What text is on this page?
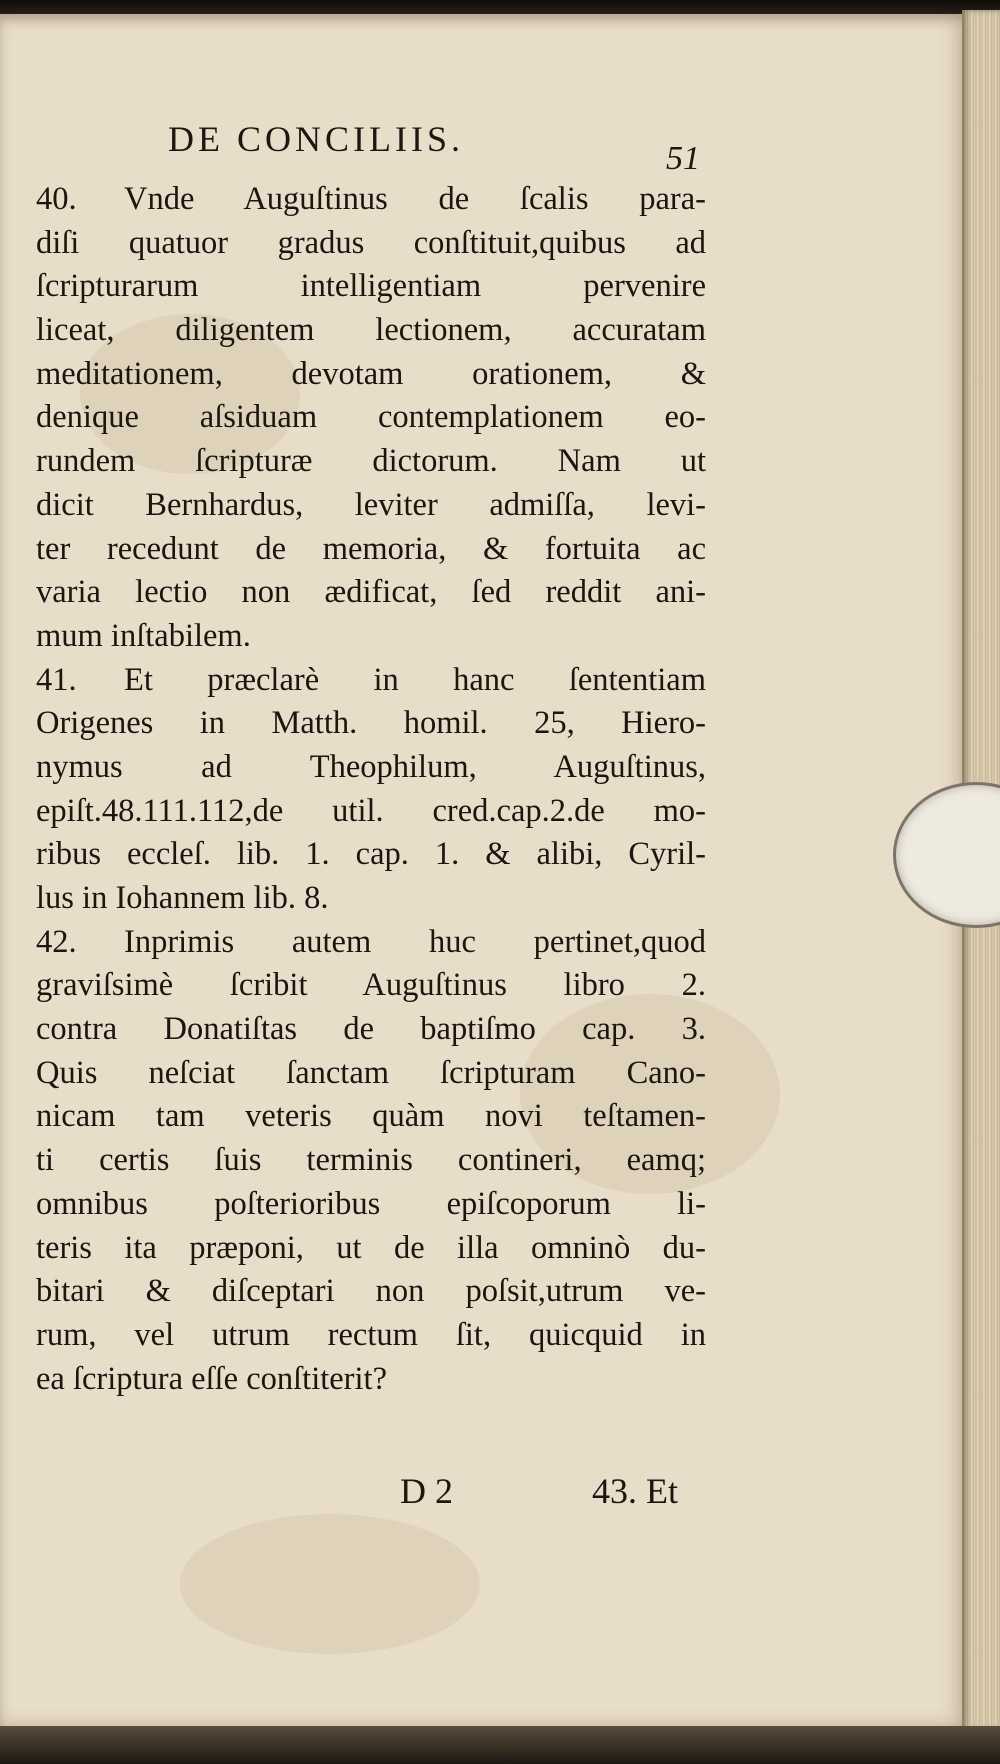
DE CONCILIIS.	51
40. Vnde Auguſtinus de ſcalis para-
diſi quatuor gradus conſtituit,quibus ad
ſcripturarum intelligentiam pervenire
liceat, diligentem lectionem, accuratam
meditationem, devotam orationem, &
denique aſsiduam contemplationem eo-
rundem ſcripturæ dictorum. Nam ut
dicit Bernhardus, leviter admiſſa, levi-
ter recedunt de memoria, & fortuita ac
varia lectio non ædificat, ſed reddit ani-
mum inſtabilem.
41. Et præclarè in hanc ſententiam
Origenes in Matth. homil. 25, Hiero-
nymus ad Theophilum, Auguſtinus,
epiſt.48.111.112,de util. cred.cap.2.de mo-
ribus eccleſ. lib. 1. cap. 1. & alibi, Cyril-
lus in Iohannem lib. 8.
42. Inprimis autem huc pertinet,quod
graviſsimè ſcribit Auguſtinus libro 2.
contra Donatiſtas de baptiſmo cap. 3.
Quis neſciat ſanctam ſcripturam Cano-
nicam tam veteris quàm novi teſtamen-
ti certis ſuis terminis contineri, eamq;
omnibus poſterioribus epiſcoporum li-
teris ita præponi, ut de illa omninò du-
bitari & diſceptari non poſsit,utrum ve-
rum, vel utrum rectum ſit, quicquid in
ea ſcriptura eſſe conſtiterit?
D 2	43. Et
